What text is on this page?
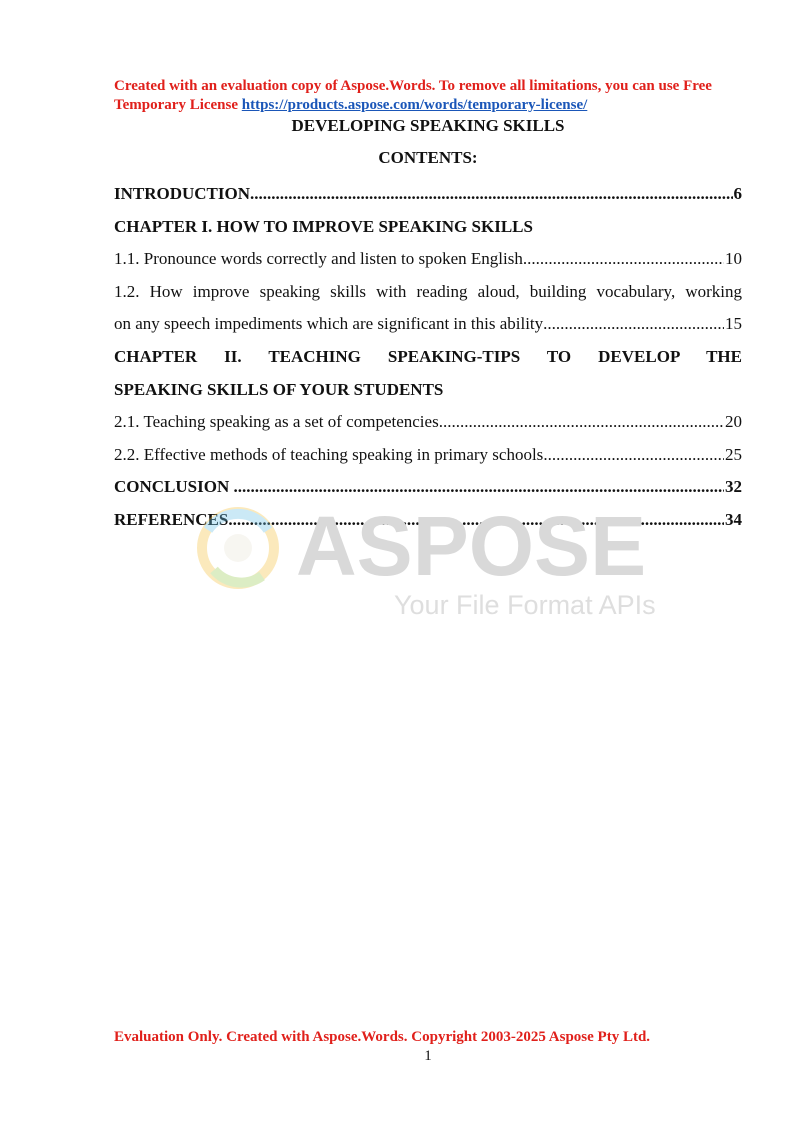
Created with an evaluation copy of Aspose.Words. To remove all limitations, you can use Free Temporary License https://products.aspose.com/words/temporary-license/
DEVELOPING SPEAKING SKILLS
CONTENTS:
INTRODUCTION .....	6
CHAPTER I. HOW TO IMPROVE SPEAKING SKILLS
1.1. Pronounce words correctly and listen to spoken English .....	10
1.2. How improve speaking skills with reading aloud, building vocabulary, working
on any speech impediments which are significant in this ability .....	15
CHAPTER II. TEACHING SPEAKING-TIPS TO DEVELOP THE
SPEAKING SKILLS OF YOUR STUDENTS
2.1. Teaching speaking as a set of competencies .....	20
2.2. Effective methods of teaching speaking in primary schools .....	25
CONCLUSION .....	32
REFERENCES .....	34
ASPOSE
Your File Format APIs
Evaluation Only. Created with Aspose.Words. Copyright 2003-2025 Aspose Pty Ltd.
1
